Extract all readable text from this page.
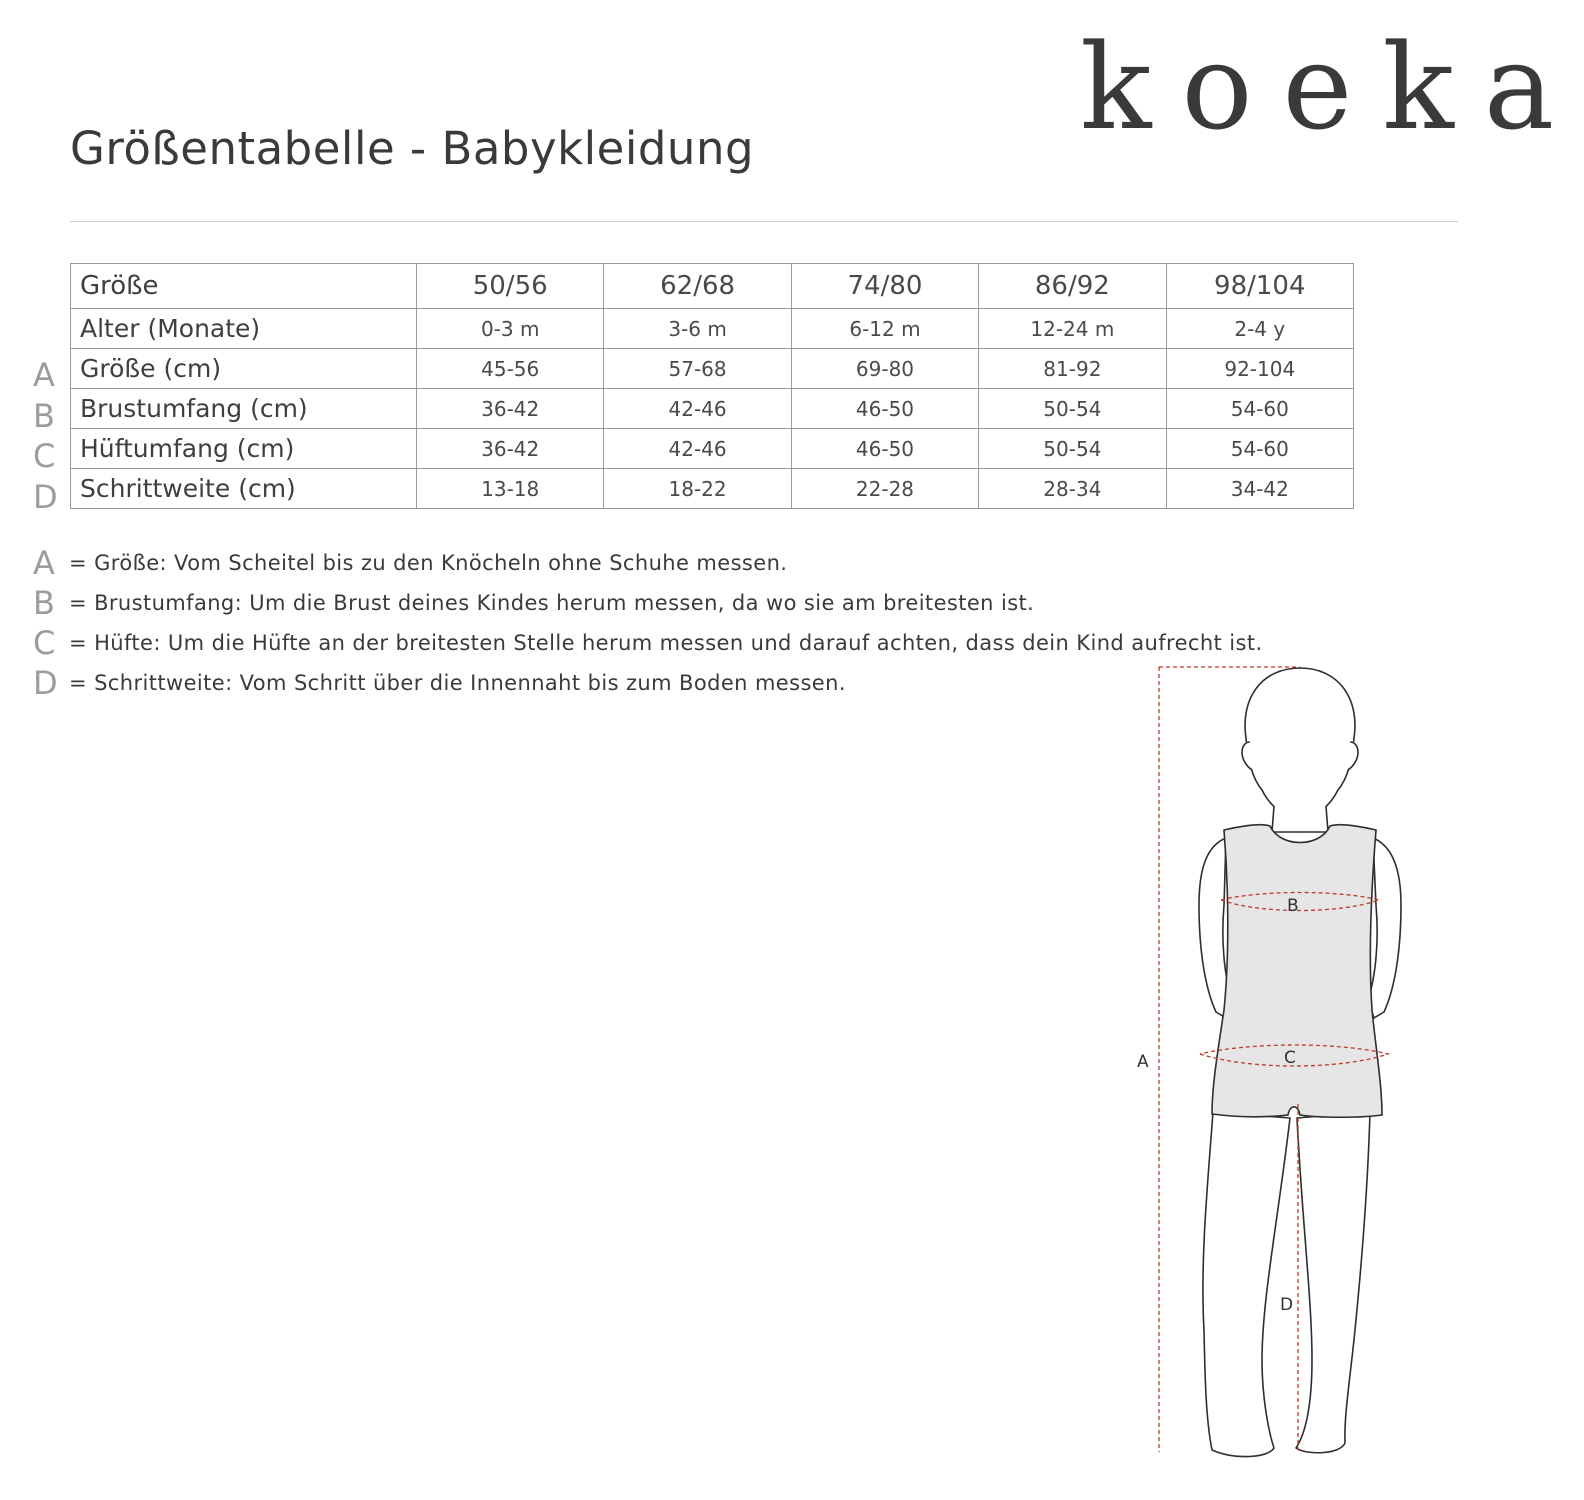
Größentabelle - Babykleidung	koeka
Größe	50/56	62/68	74/80	86/92	98/104
Alter (Monate)	0-3 m	3-6 m	6-12 m	12-24 m	2-4 y
Größe (cm)	45-56	57-68	69-80	81-92	92-104
Brustumfang (cm)	36-42	42-46	46-50	50-54	54-60
Hüftumfang (cm)	36-42	42-46	46-50	50-54	54-60
Schrittweite (cm)	13-18	18-22	22-28	28-34	34-42
A
B
C
D
A = Größe: Vom Scheitel bis zu den Knöcheln ohne Schuhe messen.
B = Brustumfang: Um die Brust deines Kindes herum messen, da wo sie am breitesten ist.
C = Hüfte: Um die Hüfte an der breitesten Stelle herum messen und darauf achten, dass dein Kind aufrecht ist.
D = Schrittweite: Vom Schritt über die Innennaht bis zum Boden messen.
A
B
C
D
